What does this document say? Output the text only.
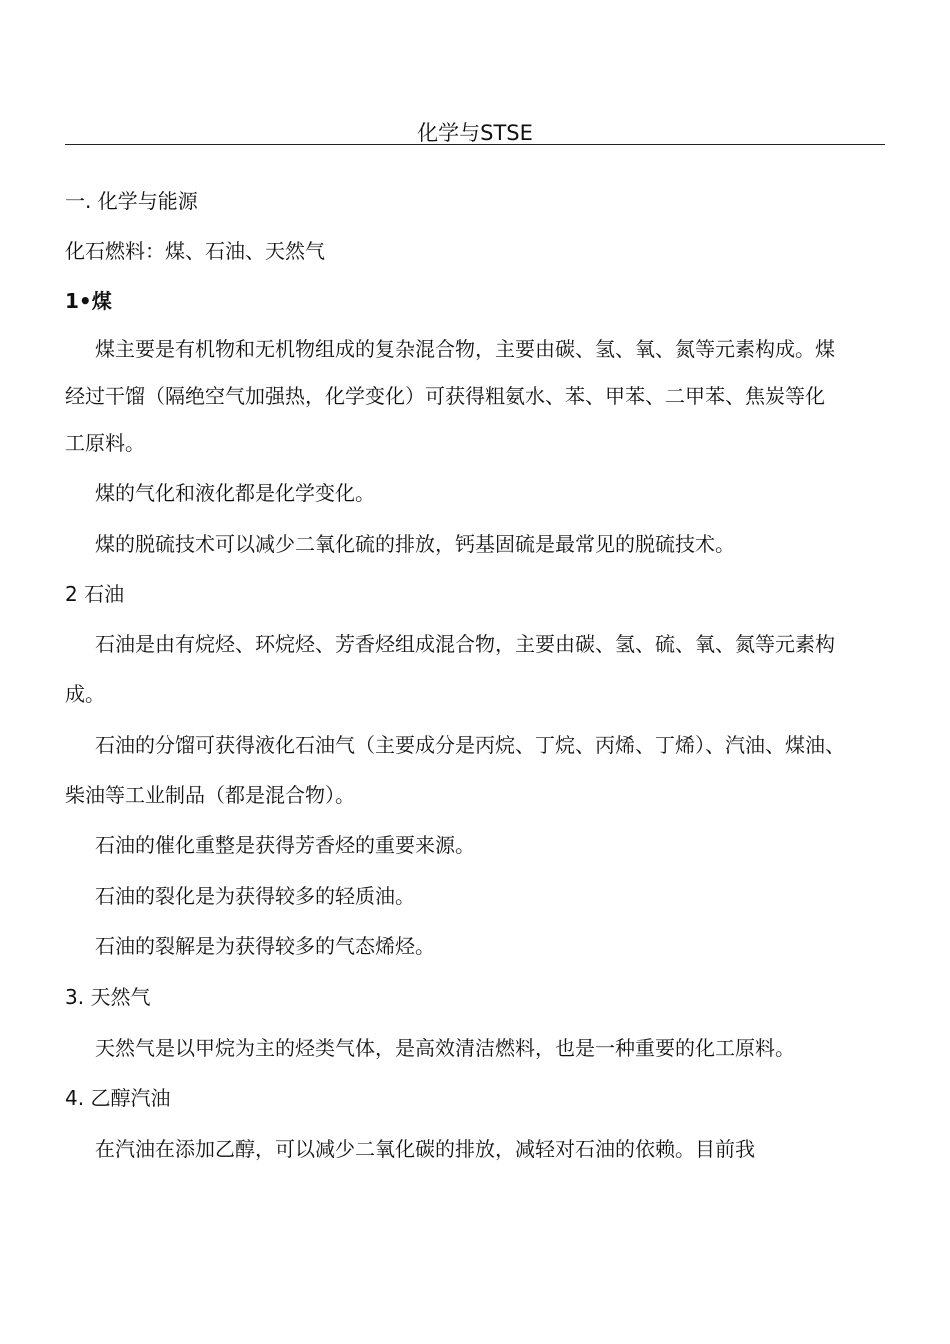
化学与STSE
一. 化学与能源
化石燃料：煤、石油、天然气
1•煤
煤主要是有机物和无机物组成的复杂混合物，主要由碳、氢、氧、氮等元素构成。煤
经过干馏（隔绝空气加强热，化学变化）可获得粗氨水、苯、甲苯、二甲苯、焦炭等化
工原料。
煤的气化和液化都是化学变化。
煤的脱硫技术可以减少二氧化硫的排放，钙基固硫是最常见的脱硫技术。
2 石油
石油是由有烷烃、环烷烃、芳香烃组成混合物，主要由碳、氢、硫、氧、氮等元素构
成。
石油的分馏可获得液化石油气（主要成分是丙烷、丁烷、丙烯、丁烯）、汽油、煤油、
柴油等工业制品（都是混合物）。
石油的催化重整是获得芳香烃的重要来源。
石油的裂化是为获得较多的轻质油。
石油的裂解是为获得较多的气态烯烃。
3. 天然气
天然气是以甲烷为主的烃类气体，是高效清洁燃料，也是一种重要的化工原料。
4. 乙醇汽油
在汽油在添加乙醇，可以减少二氧化碳的排放，减轻对石油的依赖。目前我
